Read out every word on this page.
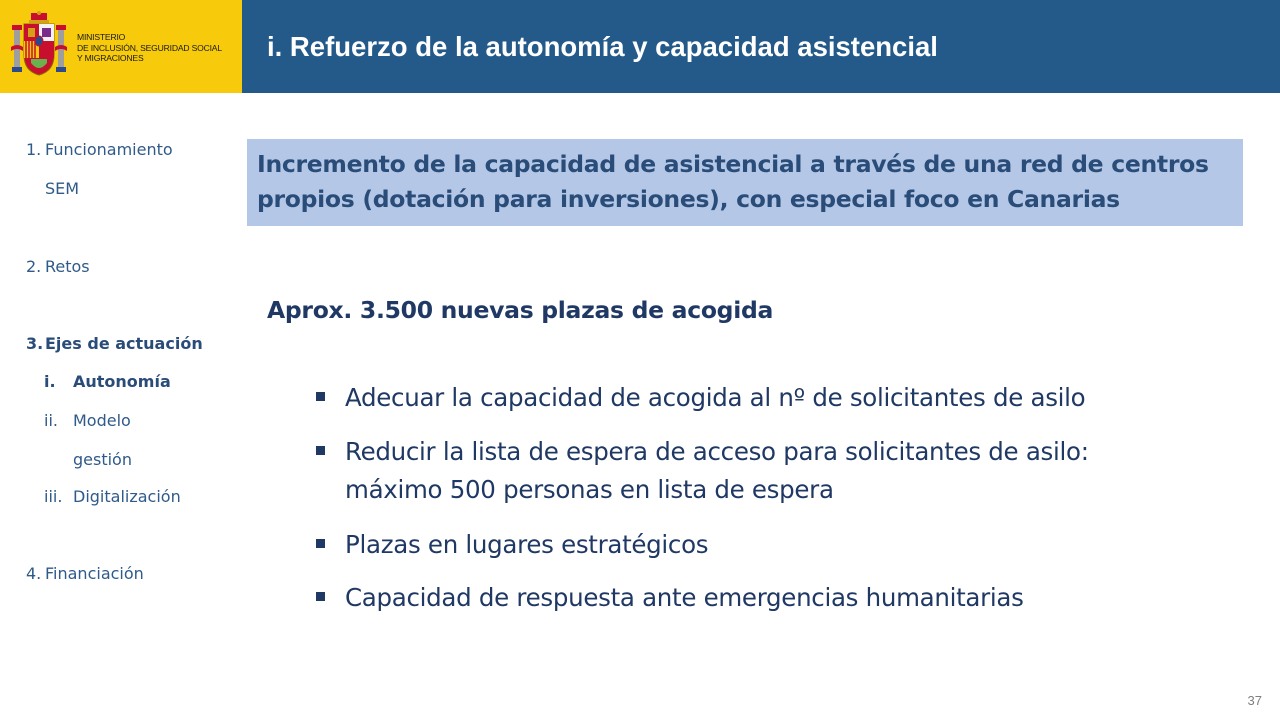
MINISTERIO
DE INCLUSIÓN, SEGURIDAD SOCIAL
Y MIGRACIONES	i. Refuerzo de la autonomía y capacidad asistencial
1. Funcionamiento
SEM
2. Retos
3. Ejes de actuación
i. Autonomía
ii. Modelo
gestión
iii. Digitalización
4. Financiación
Incremento de la capacidad de asistencial a través de una red de centros
propios (dotación para inversiones), con especial foco en Canarias
Aprox. 3.500 nuevas plazas de acogida
Adecuar la capacidad de acogida al nº de solicitantes de asilo
Reducir la lista de espera de acceso para solicitantes de asilo:
máximo 500 personas en lista de espera
Plazas en lugares estratégicos
Capacidad de respuesta ante emergencias humanitarias
37
